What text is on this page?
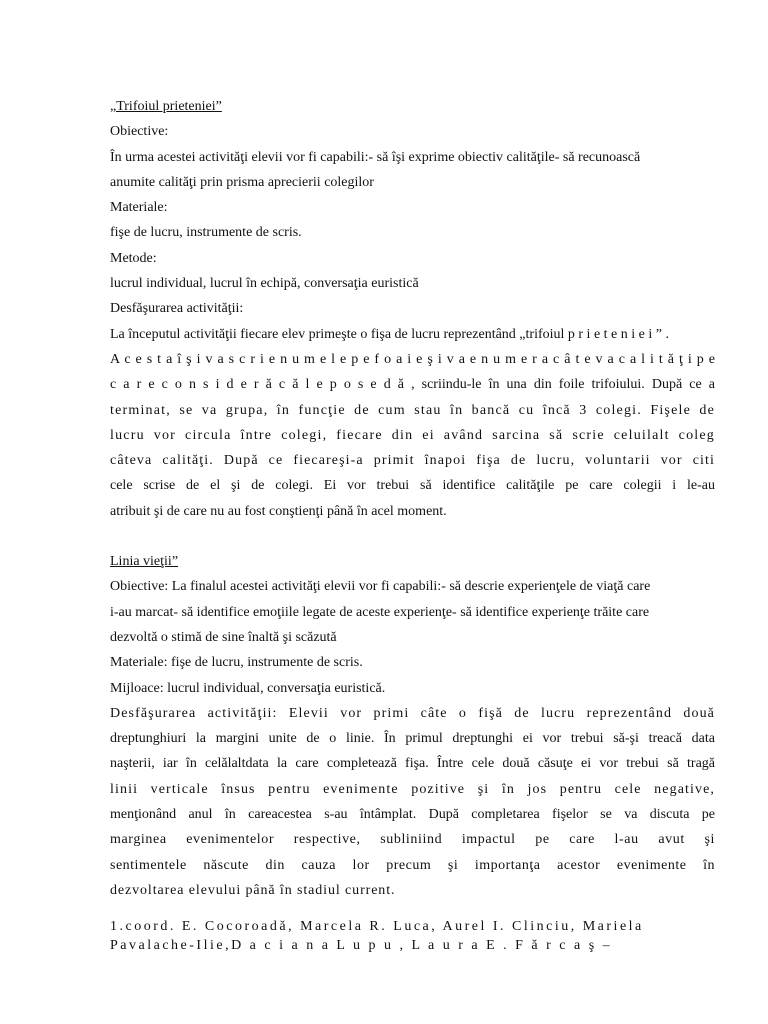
„Trifoiul prieteniei”

Obiective:

În urma acestei activităţi elevii vor fi capabili:- să îşi exprime obiectiv calităţile- să recunoască

anumite calităţi prin prisma aprecierii colegilor

Materiale:

fişe de lucru, instrumente de scris.

Metode:

lucrul individual, lucrul în echipă, conversaţia euristică

Desfăşurarea activităţii:

La începutul activităţii fiecare elev primeşte o fişa de lucru reprezentând „trifoiul p r i e t e n i e i ” .

A c e s t a î ş i v a s c r i e n u m e l e p e f o a i e ş i v a e n u m e r a c â t e v a c a l i t ă ţ i p e

c a r e c o n s i d e r ă c ă l e p o s e d ă , scriindu-le în una din foile trifoiului. După ce a

terminat, se va grupa, în funcţie de cum stau în bancă cu încă 3 colegi. Fişele de

lucru vor circula între colegi, fiecare din ei având sarcina să scrie celuilalt coleg

câteva calităţi. După ce fiecareşi-a primit înapoi fişa de lucru, voluntarii vor citi

cele scrise de el şi de colegi. Ei vor trebui să identifice calităţile pe care colegii i le-au

atribuit şi de care nu au fost conştienţi până în acel moment.

Linia vieţii”

Obiective: La finalul acestei activităţi elevii vor fi capabili:- să descrie experienţele de viaţă care

i-au marcat- să identifice emoţiile legate de aceste experienţe- să identifice experienţe trăite care

dezvoltă o stimă de sine înaltă şi scăzută

Materiale: fişe de lucru, instrumente de scris.

Mijloace: lucrul individual, conversaţia euristică.

Desfăşurarea activităţii: Elevii vor primi câte o fişă de lucru reprezentând două

dreptunghiuri la margini unite de o linie. În primul dreptunghi ei vor trebui să-şi treacă data

naşterii, iar în celălaltdata la care completează fişa. Între cele două căsuţe ei vor trebui să tragă

linii verticale însus pentru evenimente pozitive şi în jos pentru cele negative,

menţionând anul în careacestea s-au întâmplat. După completarea fişelor se va discuta pe

marginea evenimentelor respective, subliniind impactul pe care l-au avut şi

sentimentele născute din cauza lor precum şi importanţa acestor evenimente în

dezvoltarea elevului până în stadiul current.

1.coord. E. Cocoroadă, Marcela R. Luca, Aurel I. Clinciu, Mariela
Pavalache-Ilie,D a c i a n a L u p u , L a u r a E . F ă r c a ş –
